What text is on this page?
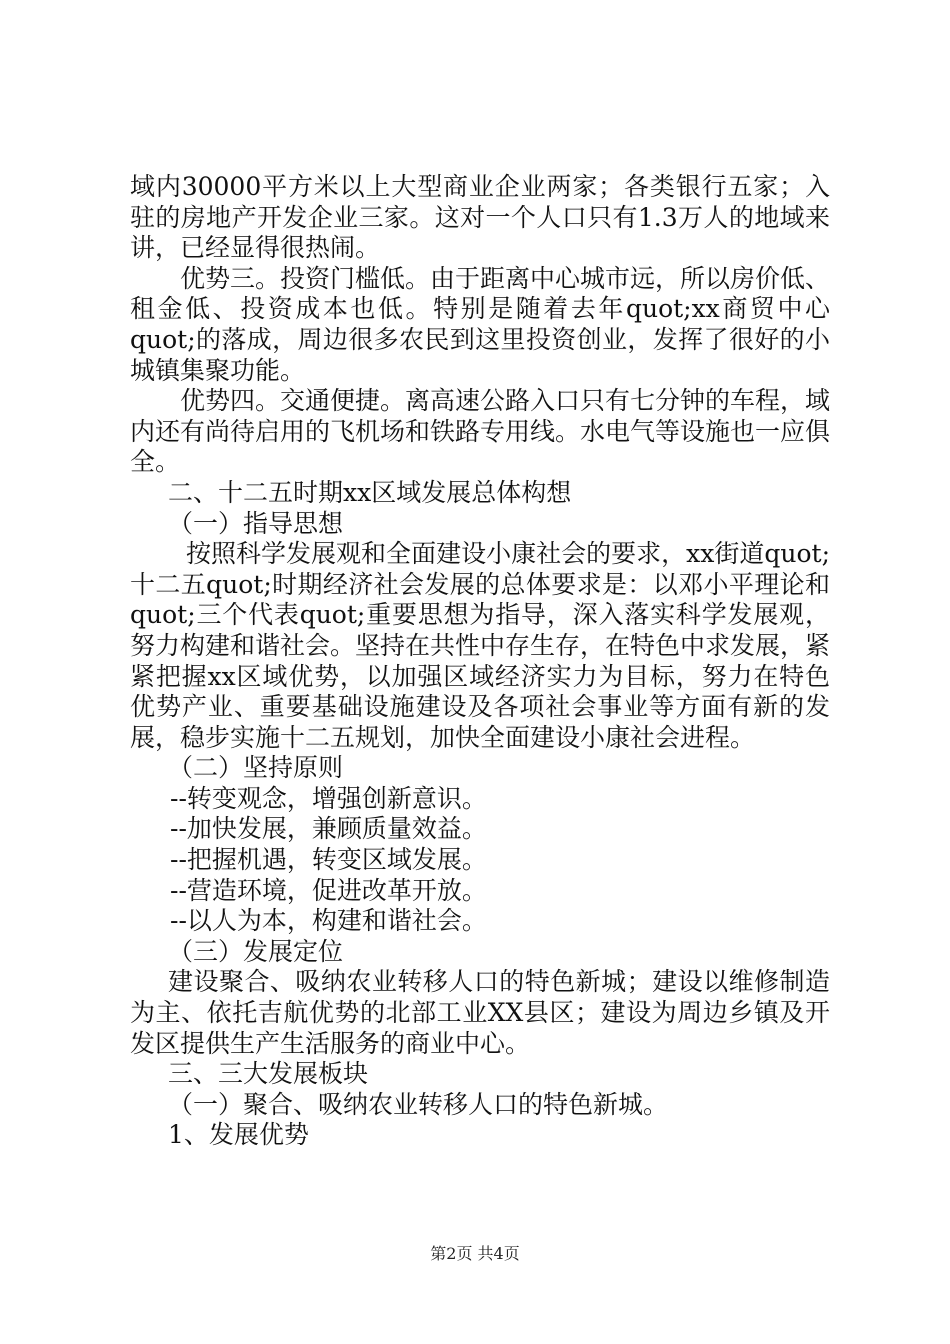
域内30000平方米以上大型商业企业两家；各类银行五家；入驻的房地产开发企业三家。这对一个人口只有1.3万人的地域来讲，已经显得很热闹。

优势三。投资门槛低。由于距离中心城市远，所以房价低、租金低、投资成本也低。特别是随着去年quot;xx商贸中心quot;的落成，周边很多农民到这里投资创业，发挥了很好的小城镇集聚功能。

优势四。交通便捷。离高速公路入口只有七分钟的车程，域内还有尚待启用的飞机场和铁路专用线。水电气等设施也一应俱全。

二、十二五时期xx区域发展总体构想

（一）指导思想

按照科学发展观和全面建设小康社会的要求，xx街道quot;十二五quot;时期经济社会发展的总体要求是：以邓小平理论和quot;三个代表quot;重要思想为指导，深入落实科学发展观，努力构建和谐社会。坚持在共性中存生存，在特色中求发展，紧紧把握xx区域优势，以加强区域经济实力为目标，努力在特色优势产业、重要基础设施建设及各项社会事业等方面有新的发展，稳步实施十二五规划，加快全面建设小康社会进程。

（二）坚持原则

--转变观念，增强创新意识。

--加快发展，兼顾质量效益。

--把握机遇，转变区域发展。

--营造环境，促进改革开放。

--以人为本，构建和谐社会。

（三）发展定位

建设聚合、吸纳农业转移人口的特色新城；建设以维修制造为主、依托吉航优势的北部工业XX县区；建设为周边乡镇及开发区提供生产生活服务的商业中心。

三、三大发展板块

（一）聚合、吸纳农业转移人口的特色新城。

1、发展优势

第2页 共4页
